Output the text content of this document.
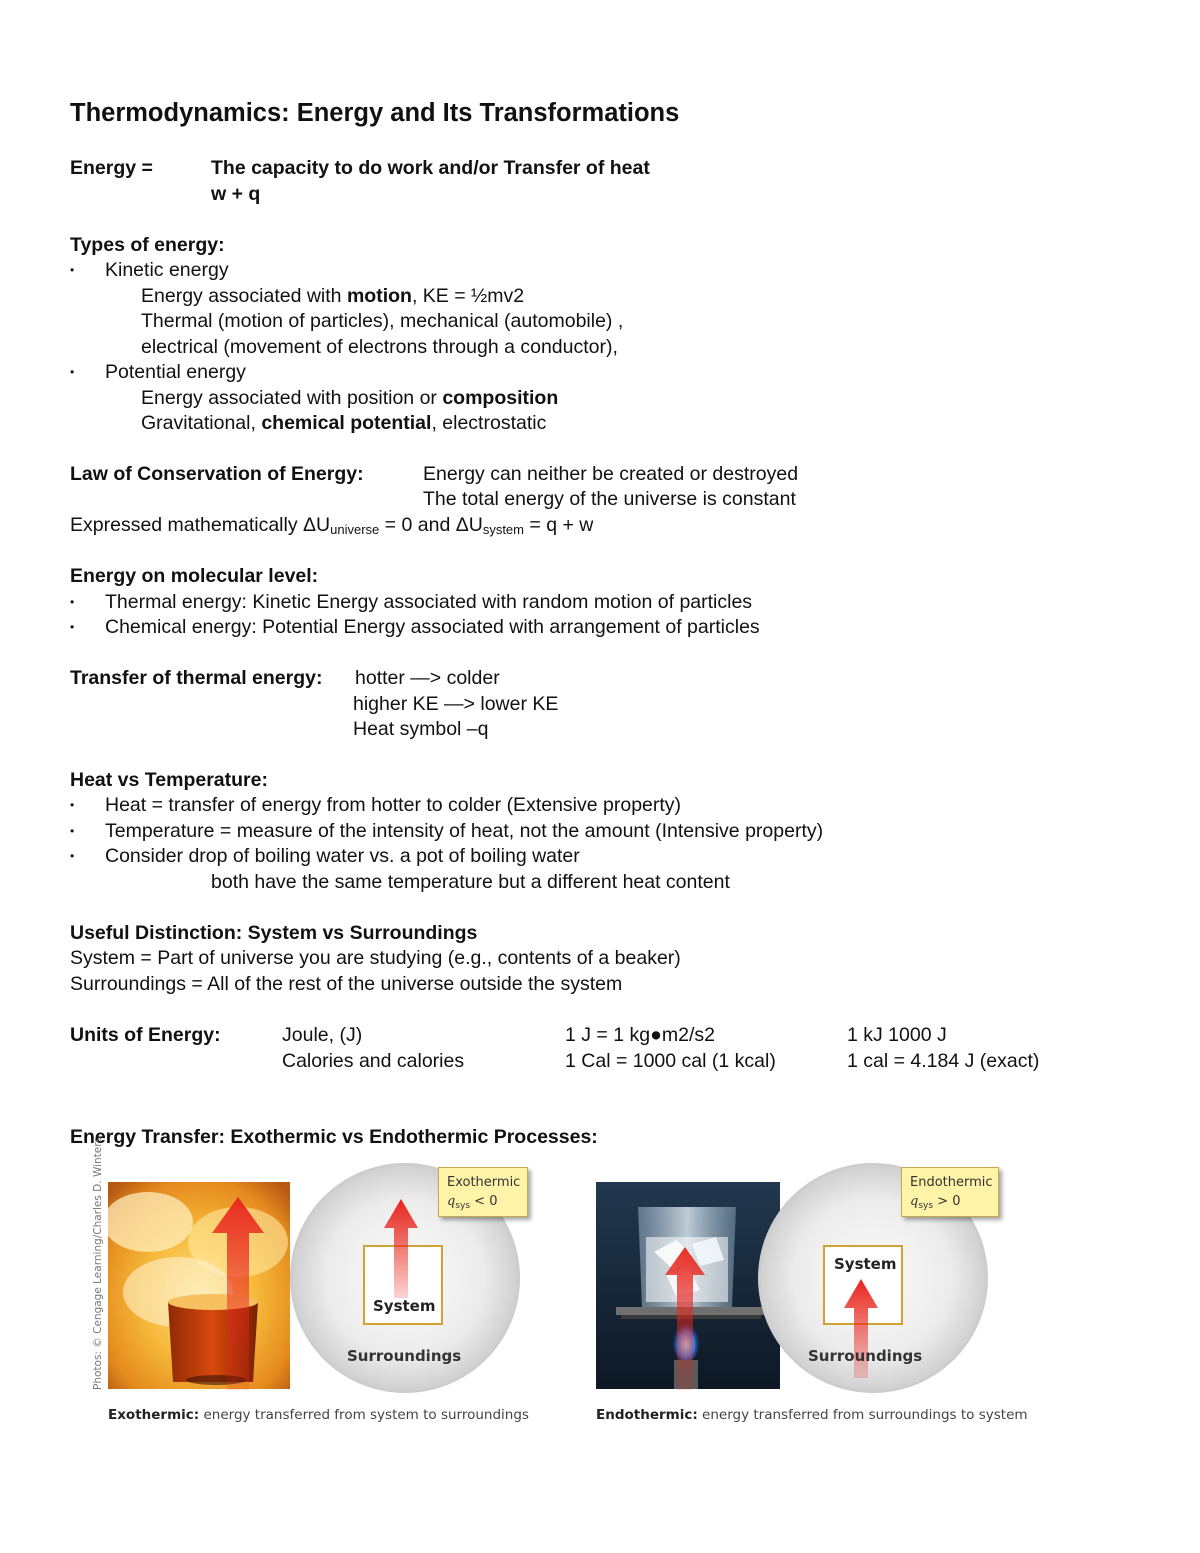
Thermodynamics: Energy and Its Transformations
Energy =	The capacity to do work and/or Transfer of heat
w + q
Types of energy:
• Kinetic energy
Energy associated with motion, KE = ½mv2
Thermal (motion of particles), mechanical (automobile) ,
electrical (movement of electrons through a conductor),
• Potential energy
Energy associated with position or composition
Gravitational, chemical potential, electrostatic
Law of Conservation of Energy:	Energy can neither be created or destroyed
The total energy of the universe is constant
Expressed mathematically $\Delta U_{universe} = 0$ and $\Delta U_{system} = q + w$
Energy on molecular level:
• Thermal energy: Kinetic Energy associated with random motion of particles
• Chemical energy: Potential Energy associated with arrangement of particles
Transfer of thermal energy: hotter —> colder
higher KE —> lower KE
Heat symbol –q
Heat vs Temperature:
• Heat = transfer of energy from hotter to colder (Extensive property)
• Temperature = measure of the intensity of heat, not the amount (Intensive property)
• Consider drop of boiling water vs. a pot of boiling water
both have the same temperature but a different heat content
Useful Distinction: System vs Surroundings
System = Part of universe you are studying (e.g., contents of a beaker)
Surroundings = All of the rest of the universe outside the system
Units of Energy:	Joule, (J)	1 J = 1 kg●m2/s2	1 kJ 1000 J
Calories and calories	1 Cal = 1000 cal (1 kcal)	1 cal = 4.184 J (exact)
Energy Transfer: Exothermic vs Endothermic Processes:
Photos: © Cengage Learning/Charles D. Winters	System
Surroundings
Exothermic
$q_{sys} < 0$
Exothermic: energy transferred from system to surroundings
System
Surroundings
Endothermic
$q_{sys} > 0$
Endothermic: energy transferred from surroundings to system
